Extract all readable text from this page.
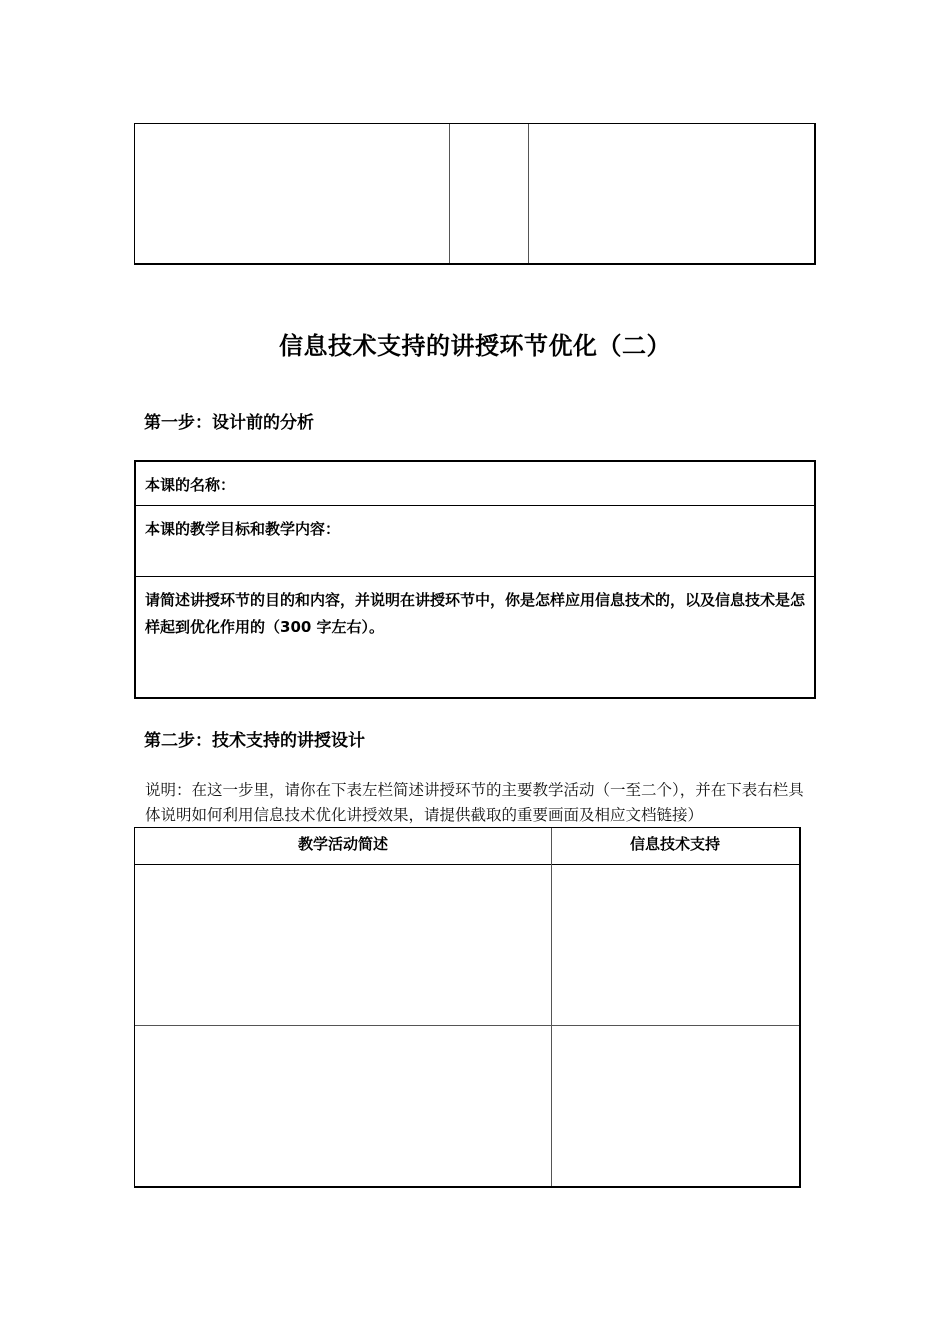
信息技术支持的讲授环节优化（二）
第一步：设计前的分析
本课的名称：
本课的教学目标和教学内容：
请简述讲授环节的目的和内容，并说明在讲授环节中，你是怎样应用信息技术的，以及信息技术是怎样起到优化作用的（300 字左右）。
第二步：技术支持的讲授设计
说明：在这一步里，请你在下表左栏简述讲授环节的主要教学活动（一至二个），并在下表右栏具体说明如何利用信息技术优化讲授效果，请提供截取的重要画面及相应文档链接）
教学活动简述	信息技术支持
